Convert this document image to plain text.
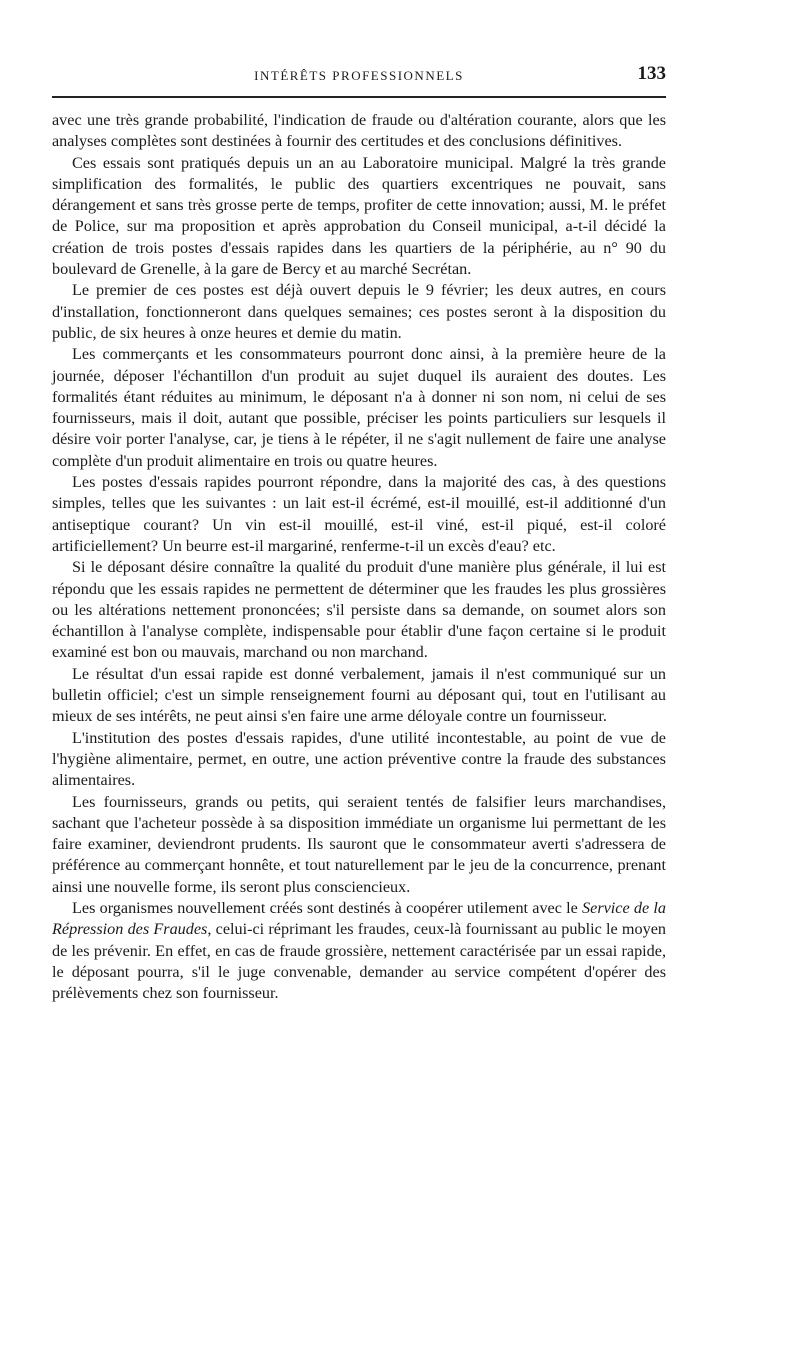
INTÉRÊTS PROFESSIONNELS	133

avec une très grande probabilité, l'indication de fraude ou d'altération courante, alors que les analyses complètes sont destinées à fournir des certitudes et des conclusions définitives.

Ces essais sont pratiqués depuis un an au Laboratoire municipal. Malgré la très grande simplification des formalités, le public des quartiers excentriques ne pouvait, sans dérangement et sans très grosse perte de temps, profiter de cette innovation; aussi, M. le préfet de Police, sur ma proposition et après approbation du Conseil municipal, a-t-il décidé la création de trois postes d'essais rapides dans les quartiers de la périphérie, au n° 90 du boulevard de Grenelle, à la gare de Bercy et au marché Secrétan.

Le premier de ces postes est déjà ouvert depuis le 9 février; les deux autres, en cours d'installation, fonctionneront dans quelques semaines; ces postes seront à la disposition du public, de six heures à onze heures et demie du matin.

Les commerçants et les consommateurs pourront donc ainsi, à la première heure de la journée, déposer l'échantillon d'un produit au sujet duquel ils auraient des doutes. Les formalités étant réduites au minimum, le déposant n'a à donner ni son nom, ni celui de ses fournisseurs, mais il doit, autant que possible, préciser les points particuliers sur lesquels il désire voir porter l'analyse, car, je tiens à le répéter, il ne s'agit nullement de faire une analyse complète d'un produit alimentaire en trois ou quatre heures.

Les postes d'essais rapides pourront répondre, dans la majorité des cas, à des questions simples, telles que les suivantes : un lait est-il écrémé, est-il mouillé, est-il additionné d'un antiseptique courant? Un vin est-il mouillé, est-il viné, est-il piqué, est-il coloré artificiellement? Un beurre est-il margariné, renferme-t-il un excès d'eau? etc.

Si le déposant désire connaître la qualité du produit d'une manière plus générale, il lui est répondu que les essais rapides ne permettent de déterminer que les fraudes les plus grossières ou les altérations nettement prononcées; s'il persiste dans sa demande, on soumet alors son échantillon à l'analyse complète, indispensable pour établir d'une façon certaine si le produit examiné est bon ou mauvais, marchand ou non marchand.

Le résultat d'un essai rapide est donné verbalement, jamais il n'est communiqué sur un bulletin officiel; c'est un simple renseignement fourni au déposant qui, tout en l'utilisant au mieux de ses intérêts, ne peut ainsi s'en faire une arme déloyale contre un fournisseur.

L'institution des postes d'essais rapides, d'une utilité incontestable, au point de vue de l'hygiène alimentaire, permet, en outre, une action préventive contre la fraude des substances alimentaires.

Les fournisseurs, grands ou petits, qui seraient tentés de falsifier leurs marchandises, sachant que l'acheteur possède à sa disposition immédiate un organisme lui permettant de les faire examiner, deviendront prudents. Ils sauront que le consommateur averti s'adressera de préférence au commerçant honnête, et tout naturellement par le jeu de la concurrence, prenant ainsi une nouvelle forme, ils seront plus consciencieux.

Les organismes nouvellement créés sont destinés à coopérer utilement avec le Service de la Répression des Fraudes, celui-ci réprimant les fraudes, ceux-là fournissant au public le moyen de les prévenir. En effet, en cas de fraude grossière, nettement caractérisée par un essai rapide, le déposant pourra, s'il le juge convenable, demander au service compétent d'opérer des prélèvements chez son fournisseur.
